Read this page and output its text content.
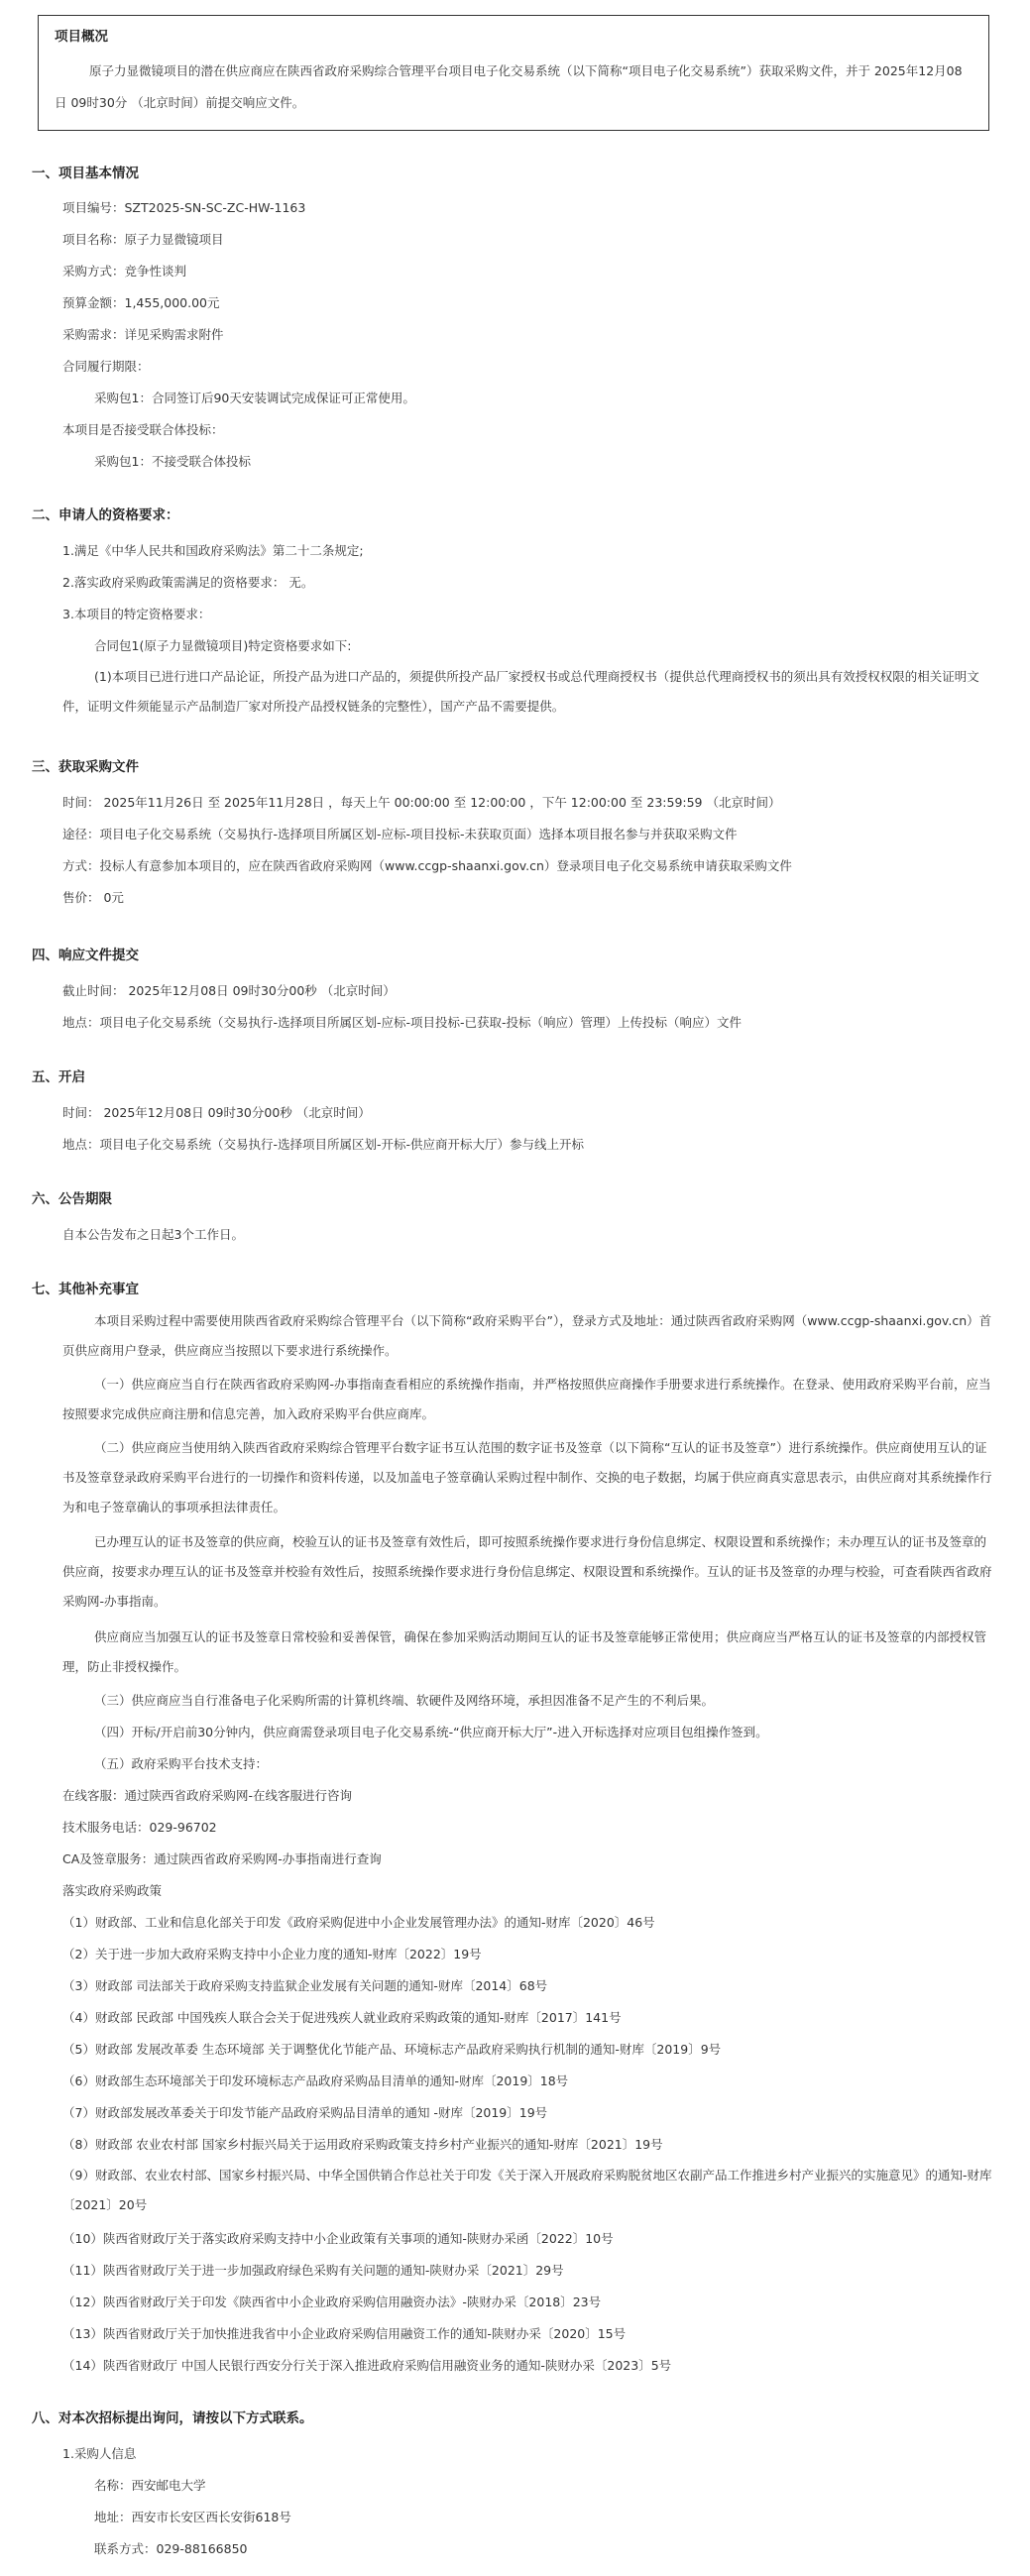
项目概况
原子力显微镜项目的潜在供应商应在陕西省政府采购综合管理平台项目电子化交易系统（以下简称“项目电子化交易系统”）获取采购文件，并于 2025年12月08日 09时30分 （北京时间）前提交响应文件。
一、项目基本情况
项目编号：SZT2025-SN-SC-ZC-HW-1163
项目名称：原子力显微镜项目
采购方式：竞争性谈判
预算金额：1,455,000.00元
采购需求：详见采购需求附件
合同履行期限：
采购包1：合同签订后90天安装调试完成保证可正常使用。
本项目是否接受联合体投标：
采购包1：不接受联合体投标
二、申请人的资格要求：
1.满足《中华人民共和国政府采购法》第二十二条规定;
2.落实政府采购政策需满足的资格要求： 无。
3.本项目的特定资格要求：
合同包1(原子力显微镜项目)特定资格要求如下:
(1)本项目已进行进口产品论证，所投产品为进口产品的，须提供所投产品厂家授权书或总代理商授权书（提供总代理商授权书的须出具有效授权权限的相关证明文件，证明文件须能显示产品制造厂家对所投产品授权链条的完整性），国产产品不需要提供。
三、获取采购文件
时间： 2025年11月26日 至 2025年11月28日 ，每天上午 00:00:00 至 12:00:00 ，下午 12:00:00 至 23:59:59 （北京时间）
途径：项目电子化交易系统（交易执行-选择项目所属区划-应标-项目投标-未获取页面）选择本项目报名参与并获取采购文件
方式：投标人有意参加本项目的，应在陕西省政府采购网（www.ccgp-shaanxi.gov.cn）登录项目电子化交易系统申请获取采购文件
售价： 0元
四、响应文件提交
截止时间： 2025年12月08日 09时30分00秒 （北京时间）
地点：项目电子化交易系统（交易执行-选择项目所属区划-应标-项目投标-已获取-投标（响应）管理）上传投标（响应）文件
五、开启
时间： 2025年12月08日 09时30分00秒 （北京时间）
地点：项目电子化交易系统（交易执行-选择项目所属区划-开标-供应商开标大厅）参与线上开标
六、公告期限
自本公告发布之日起3个工作日。
七、其他补充事宜
本项目采购过程中需要使用陕西省政府采购综合管理平台（以下简称“政府采购平台”），登录方式及地址：通过陕西省政府采购网（www.ccgp-shaanxi.gov.cn）首页供应商用户登录，供应商应当按照以下要求进行系统操作。
（一）供应商应当自行在陕西省政府采购网-办事指南查看相应的系统操作指南，并严格按照供应商操作手册要求进行系统操作。在登录、使用政府采购平台前，应当按照要求完成供应商注册和信息完善，加入政府采购平台供应商库。
（二）供应商应当使用纳入陕西省政府采购综合管理平台数字证书互认范围的数字证书及签章（以下简称“互认的证书及签章”）进行系统操作。供应商使用互认的证书及签章登录政府采购平台进行的一切操作和资料传递，以及加盖电子签章确认采购过程中制作、交换的电子数据，均属于供应商真实意思表示，由供应商对其系统操作行为和电子签章确认的事项承担法律责任。
已办理互认的证书及签章的供应商，校验互认的证书及签章有效性后，即可按照系统操作要求进行身份信息绑定、权限设置和系统操作；未办理互认的证书及签章的供应商，按要求办理互认的证书及签章并校验有效性后，按照系统操作要求进行身份信息绑定、权限设置和系统操作。互认的证书及签章的办理与校验，可查看陕西省政府采购网-办事指南。
供应商应当加强互认的证书及签章日常校验和妥善保管，确保在参加采购活动期间互认的证书及签章能够正常使用；供应商应当严格互认的证书及签章的内部授权管理，防止非授权操作。
（三）供应商应当自行准备电子化采购所需的计算机终端、软硬件及网络环境，承担因准备不足产生的不利后果。
（四）开标/开启前30分钟内，供应商需登录项目电子化交易系统-“供应商开标大厅”-进入开标选择对应项目包组操作签到。
（五）政府采购平台技术支持：
在线客服：通过陕西省政府采购网-在线客服进行咨询
技术服务电话：029-96702
CA及签章服务：通过陕西省政府采购网-办事指南进行查询
落实政府采购政策
（1）财政部、工业和信息化部关于印发《政府采购促进中小企业发展管理办法》的通知-财库〔2020〕46号
（2）关于进一步加大政府采购支持中小企业力度的通知-财库〔2022〕19号
（3）财政部 司法部关于政府采购支持监狱企业发展有关问题的通知-财库〔2014〕68号
（4）财政部 民政部 中国残疾人联合会关于促进残疾人就业政府采购政策的通知-财库〔2017〕141号
（5）财政部 发展改革委 生态环境部 关于调整优化节能产品、环境标志产品政府采购执行机制的通知-财库〔2019〕9号
（6）财政部生态环境部关于印发环境标志产品政府采购品目清单的通知-财库〔2019〕18号
（7）财政部发展改革委关于印发节能产品政府采购品目清单的通知 -财库〔2019〕19号
（8）财政部 农业农村部 国家乡村振兴局关于运用政府采购政策支持乡村产业振兴的通知-财库〔2021〕19号
（9）财政部、农业农村部、国家乡村振兴局、中华全国供销合作总社关于印发《关于深入开展政府采购脱贫地区农副产品工作推进乡村产业振兴的实施意见》的通知-财库〔2021〕20号
（10）陕西省财政厅关于落实政府采购支持中小企业政策有关事项的通知-陕财办采函〔2022〕10号
（11）陕西省财政厅关于进一步加强政府绿色采购有关问题的通知-陕财办采〔2021〕29号
（12）陕西省财政厅关于印发《陕西省中小企业政府采购信用融资办法》-陕财办采〔2018〕23号
（13）陕西省财政厅关于加快推进我省中小企业政府采购信用融资工作的通知-陕财办采〔2020〕15号
（14）陕西省财政厅 中国人民银行西安分行关于深入推进政府采购信用融资业务的通知-陕财办采〔2023〕5号
八、对本次招标提出询问，请按以下方式联系。
1.采购人信息
名称：西安邮电大学
地址：西安市长安区西长安街618号
联系方式：029-88166850
